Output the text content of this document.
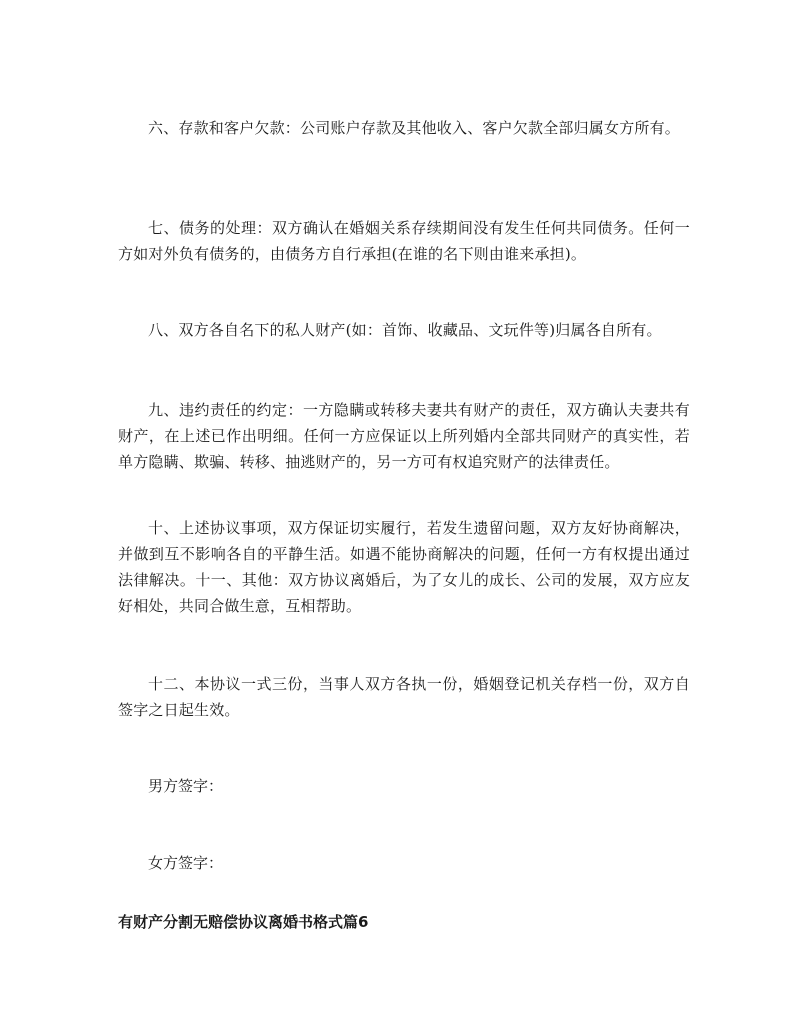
六、存款和客户欠款：公司账户存款及其他收入、客户欠款全部归属女方所有。

七、债务的处理：双方确认在婚姻关系存续期间没有发生任何共同债务。任何一方如对外负有债务的，由债务方自行承担(在谁的名下则由谁来承担)。

八、双方各自名下的私人财产(如：首饰、收藏品、文玩件等)归属各自所有。

九、违约责任的约定：一方隐瞒或转移夫妻共有财产的责任，双方确认夫妻共有财产，在上述已作出明细。任何一方应保证以上所列婚内全部共同财产的真实性，若单方隐瞒、欺骗、转移、抽逃财产的，另一方可有权追究财产的法律责任。

十、上述协议事项，双方保证切实履行，若发生遗留问题，双方友好协商解决，并做到互不影响各自的平静生活。如遇不能协商解决的问题，任何一方有权提出通过法律解决。十一、其他：双方协议离婚后，为了女儿的成长、公司的发展，双方应友好相处，共同合做生意，互相帮助。

十二、本协议一式三份，当事人双方各执一份，婚姻登记机关存档一份，双方自签字之日起生效。

男方签字：

女方签字：

有财产分割无赔偿协议离婚书格式篇6
